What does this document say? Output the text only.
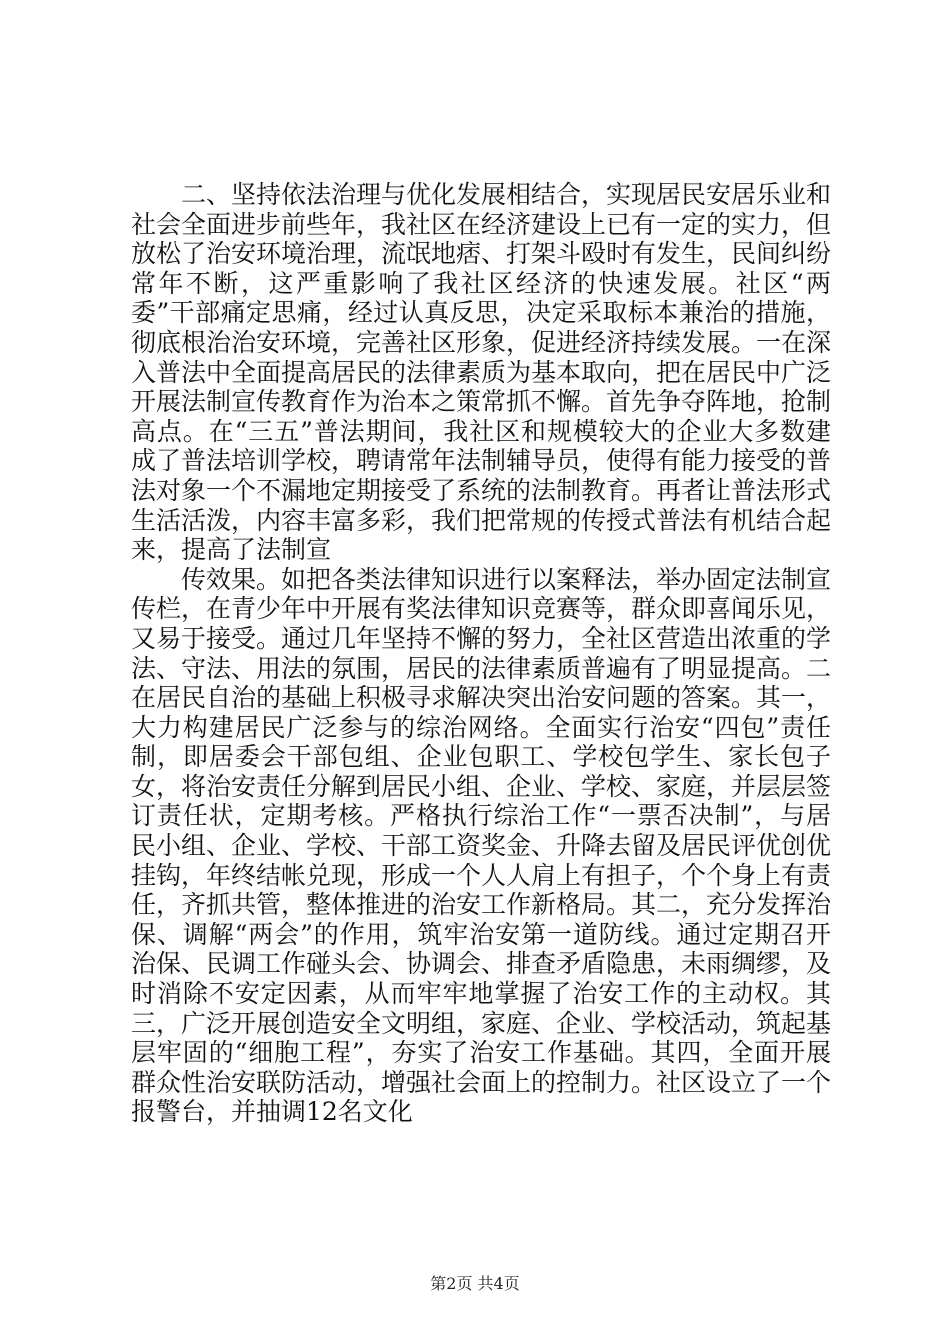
二、坚持依法治理与优化发展相结合，实现居民安居乐业和社会全面进步前些年，我社区在经济建设上已有一定的实力，但放松了治安环境治理，流氓地痞、打架斗殴时有发生，民间纠纷常年不断，这严重影响了我社区经济的快速发展。社区“两委”干部痛定思痛，经过认真反思，决定采取标本兼治的措施，彻底根治治安环境，完善社区形象，促进经济持续发展。一在深入普法中全面提高居民的法律素质为基本取向，把在居民中广泛开展法制宣传教育作为治本之策常抓不懈。首先争夺阵地，抢制高点。在“三五”普法期间，我社区和规模较大的企业大多数建成了普法培训学校，聘请常年法制辅导员，使得有能力接受的普法对象一个不漏地定期接受了系统的法制教育。再者让普法形式生活活泼，内容丰富多彩，我们把常规的传授式普法有机结合起来，提高了法制宣

传效果。如把各类法律知识进行以案释法，举办固定法制宣传栏，在青少年中开展有奖法律知识竞赛等，群众即喜闻乐见，又易于接受。通过几年坚持不懈的努力，全社区营造出浓重的学法、守法、用法的氛围，居民的法律素质普遍有了明显提高。二在居民自治的基础上积极寻求解决突出治安问题的答案。其一，大力构建居民广泛参与的综治网络。全面实行治安“四包”责任制，即居委会干部包组、企业包职工、学校包学生、家长包子女，将治安责任分解到居民小组、企业、学校、家庭，并层层签订责任状，定期考核。严格执行综治工作“一票否决制”，与居民小组、企业、学校、干部工资奖金、升降去留及居民评优创优挂钩，年终结帐兑现，形成一个人人肩上有担子，个个身上有责任，齐抓共管，整体推进的治安工作新格局。其二，充分发挥治保、调解“两会”的作用，筑牢治安第一道防线。通过定期召开治保、民调工作碰头会、协调会、排查矛盾隐患，未雨绸缪，及时消除不安定因素，从而牢牢地掌握了治安工作的主动权。其三，广泛开展创造安全文明组，家庭、企业、学校活动，筑起基层牢固的“细胞工程”，夯实了治安工作基础。其四，全面开展群众性治安联防活动，增强社会面上的控制力。社区设立了一个报警台，并抽调12名文化

第2页 共4页
